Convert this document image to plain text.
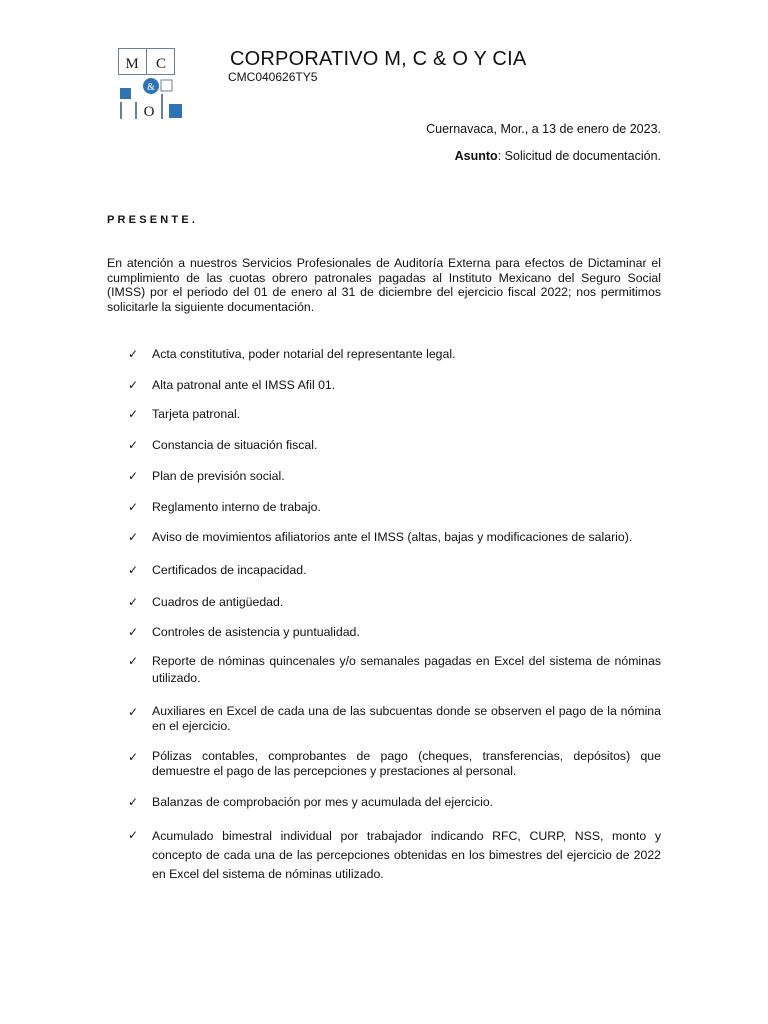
M C
&
O
CORPORATIVO M, C & O Y CIA
CMC040626TY5
Cuernavaca, Mor., a 13 de enero de 2023.
Asunto: Solicitud de documentación.
PRESENTE.
En atención a nuestros Servicios Profesionales de Auditoría Externa para efectos de Dictaminar el cumplimiento de las cuotas obrero patronales pagadas al Instituto Mexicano del Seguro Social (IMSS) por el periodo del 01 de enero al 31 de diciembre del ejercicio fiscal 2022; nos permitimos solicitarle la siguiente documentación.
✓ Acta constitutiva, poder notarial del representante legal.
✓ Alta patronal ante el IMSS Afil 01.
✓ Tarjeta patronal.
✓ Constancia de situación fiscal.
✓ Plan de previsión social.
✓ Reglamento interno de trabajo.
✓ Aviso de movimientos afiliatorios ante el IMSS (altas, bajas y modificaciones de salario).
✓ Certificados de incapacidad.
✓ Cuadros de antigüedad.
✓ Controles de asistencia y puntualidad.
✓ Reporte de nóminas quincenales y/o semanales pagadas en Excel del sistema de nóminas utilizado.
✓ Auxiliares en Excel de cada una de las subcuentas donde se observen el pago de la nómina en el ejercicio.
✓ Pólizas contables, comprobantes de pago (cheques, transferencias, depósitos) que demuestre el pago de las percepciones y prestaciones al personal.
✓ Balanzas de comprobación por mes y acumulada del ejercicio.
✓ Acumulado bimestral individual por trabajador indicando RFC, CURP, NSS, monto y concepto de cada una de las percepciones obtenidas en los bimestres del ejercicio de 2022 en Excel del sistema de nóminas utilizado.
